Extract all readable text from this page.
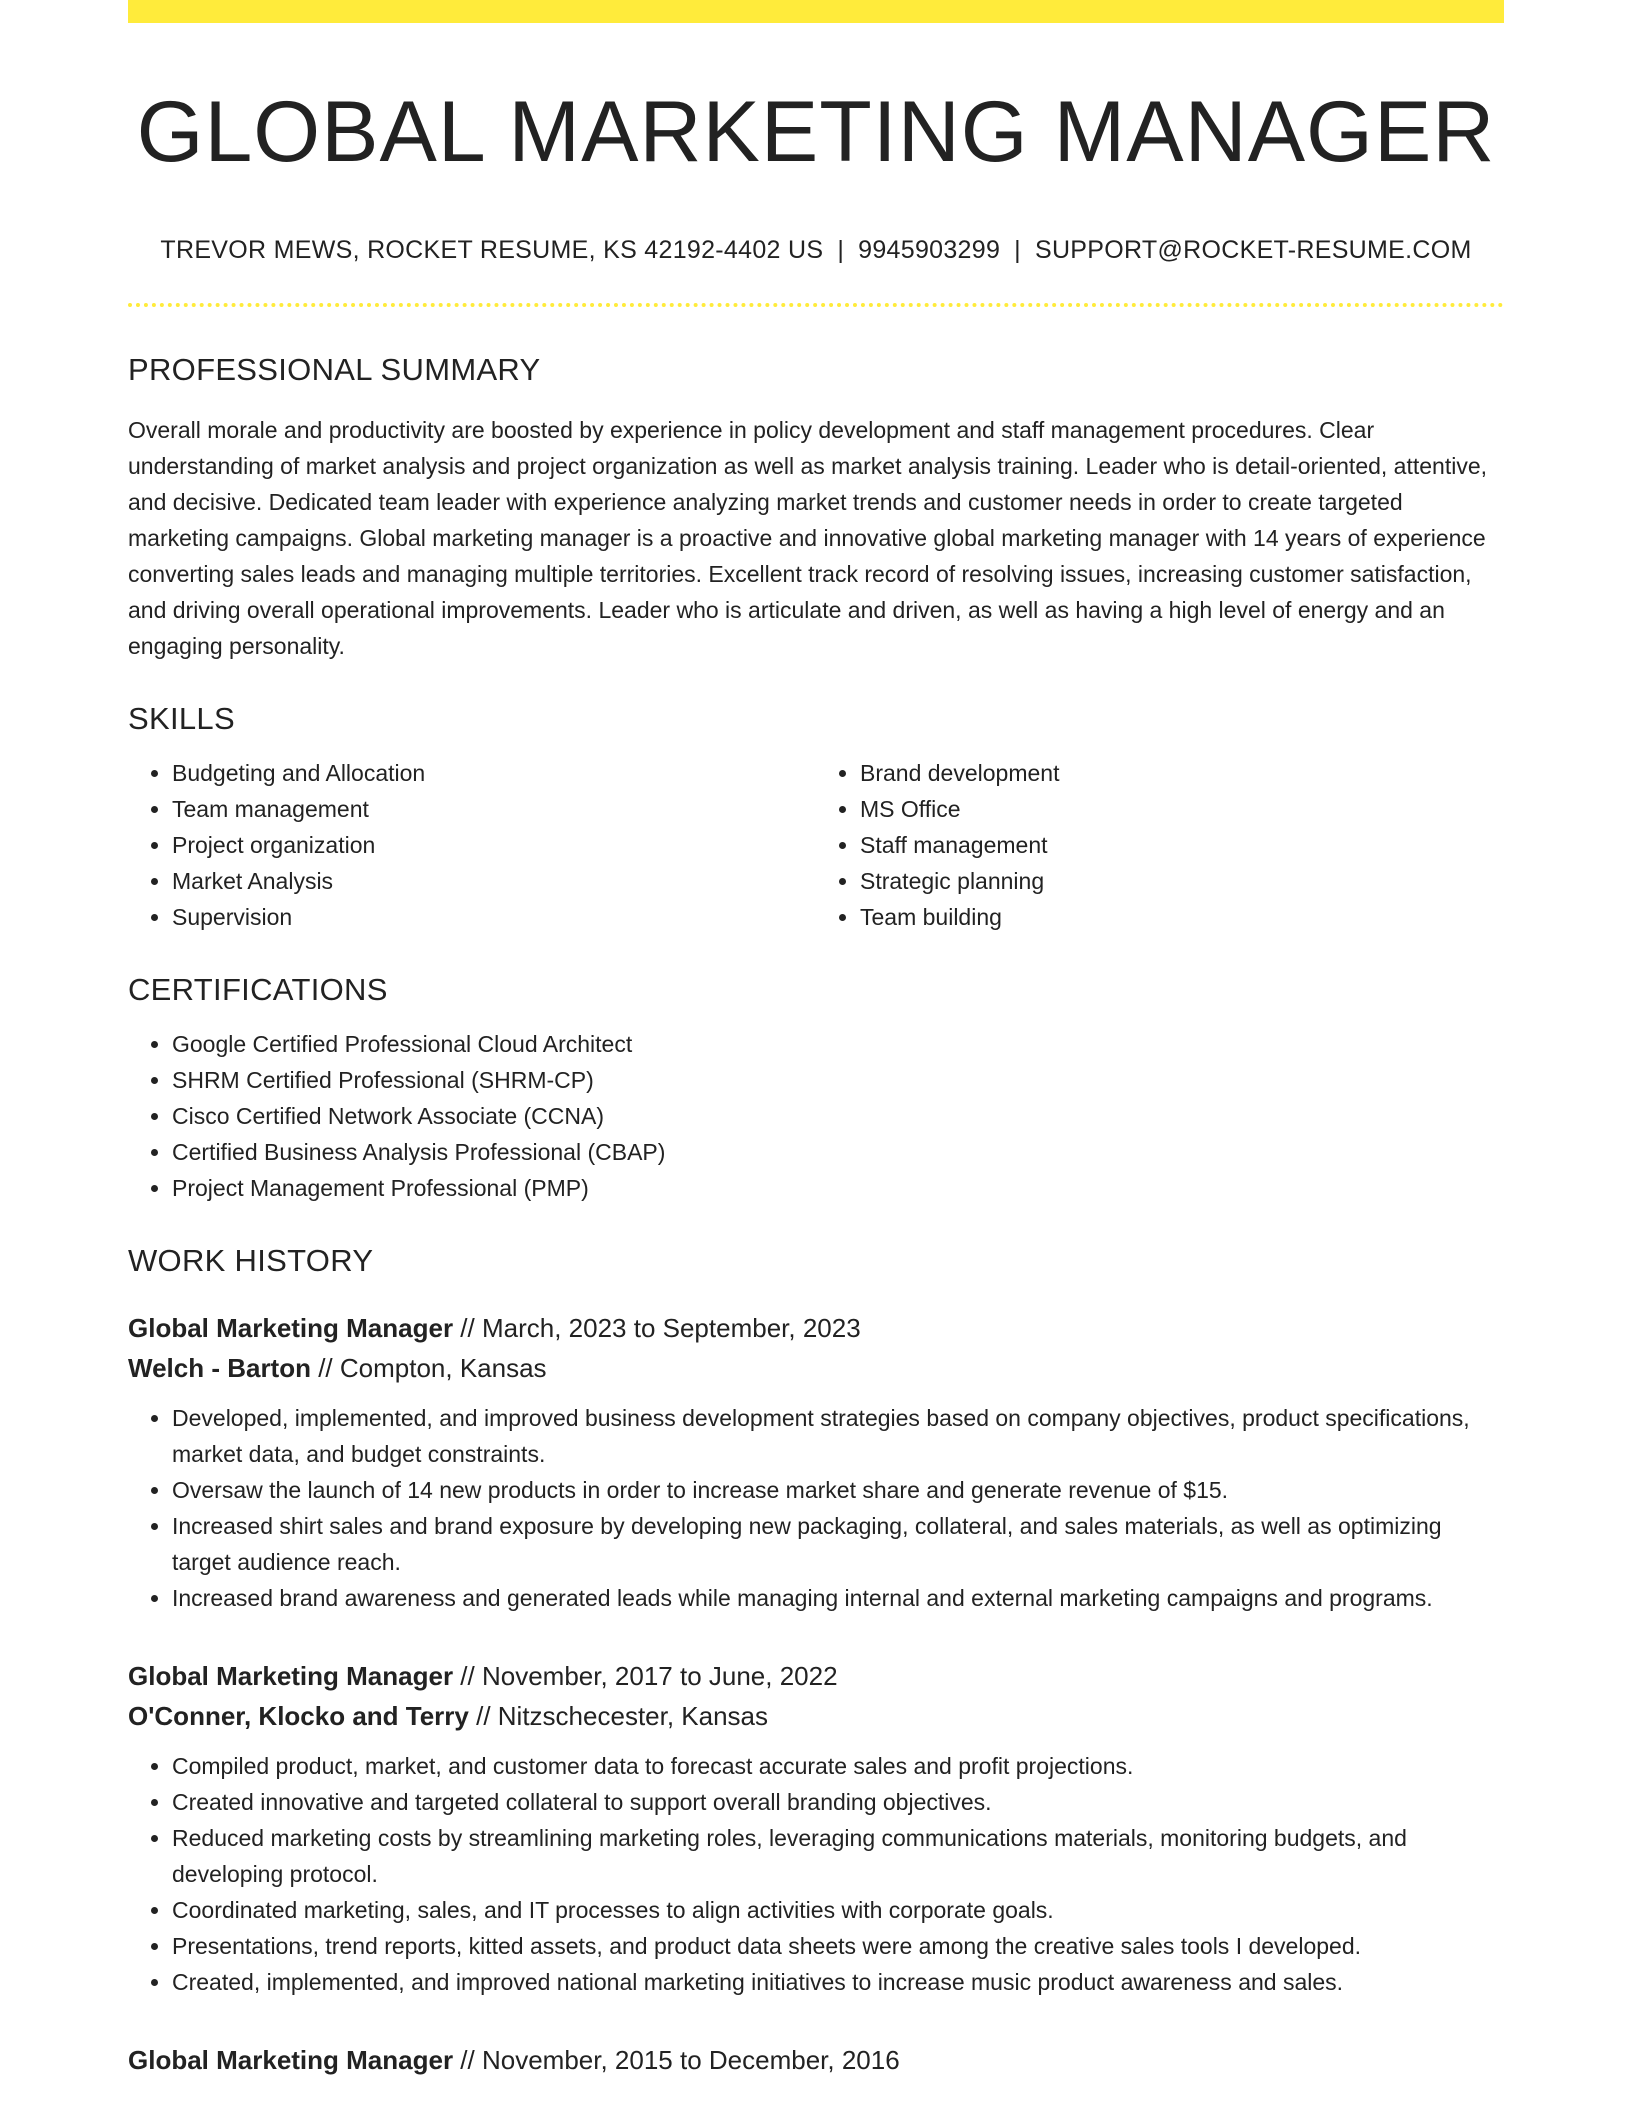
GLOBAL MARKETING MANAGER
TREVOR MEWS, ROCKET RESUME, KS 42192-4402 US | 9945903299 | SUPPORT@ROCKET-RESUME.COM
PROFESSIONAL SUMMARY

Overall morale and productivity are boosted by experience in policy development and staff management procedures. Clear understanding of market analysis and project organization as well as market analysis training. Leader who is detail-oriented, attentive, and decisive. Dedicated team leader with experience analyzing market trends and customer needs in order to create targeted marketing campaigns. Global marketing manager is a proactive and innovative global marketing manager with 14 years of experience converting sales leads and managing multiple territories. Excellent track record of resolving issues, increasing customer satisfaction, and driving overall operational improvements. Leader who is articulate and driven, as well as having a high level of energy and an engaging personality.

SKILLS
• Budgeting and Allocation
• Team management
• Project organization
• Market Analysis
• Supervision
• Brand development
• MS Office
• Staff management
• Strategic planning
• Team building
CERTIFICATIONS
• Google Certified Professional Cloud Architect
• SHRM Certified Professional (SHRM-CP)
• Cisco Certified Network Associate (CCNA)
• Certified Business Analysis Professional (CBAP)
• Project Management Professional (PMP)
WORK HISTORY
Global Marketing Manager // March, 2023 to September, 2023
Welch - Barton // Compton, Kansas
• Developed, implemented, and improved business development strategies based on company objectives, product specifications, market data, and budget constraints.
• Oversaw the launch of 14 new products in order to increase market share and generate revenue of $15.
• Increased shirt sales and brand exposure by developing new packaging, collateral, and sales materials, as well as optimizing target audience reach.
• Increased brand awareness and generated leads while managing internal and external marketing campaigns and programs.
Global Marketing Manager // November, 2017 to June, 2022
O'Conner, Klocko and Terry // Nitzschecester, Kansas
• Compiled product, market, and customer data to forecast accurate sales and profit projections.
• Created innovative and targeted collateral to support overall branding objectives.
• Reduced marketing costs by streamlining marketing roles, leveraging communications materials, monitoring budgets, and developing protocol.
• Coordinated marketing, sales, and IT processes to align activities with corporate goals.
• Presentations, trend reports, kitted assets, and product data sheets were among the creative sales tools I developed.
• Created, implemented, and improved national marketing initiatives to increase music product awareness and sales.
Global Marketing Manager // November, 2015 to December, 2016
